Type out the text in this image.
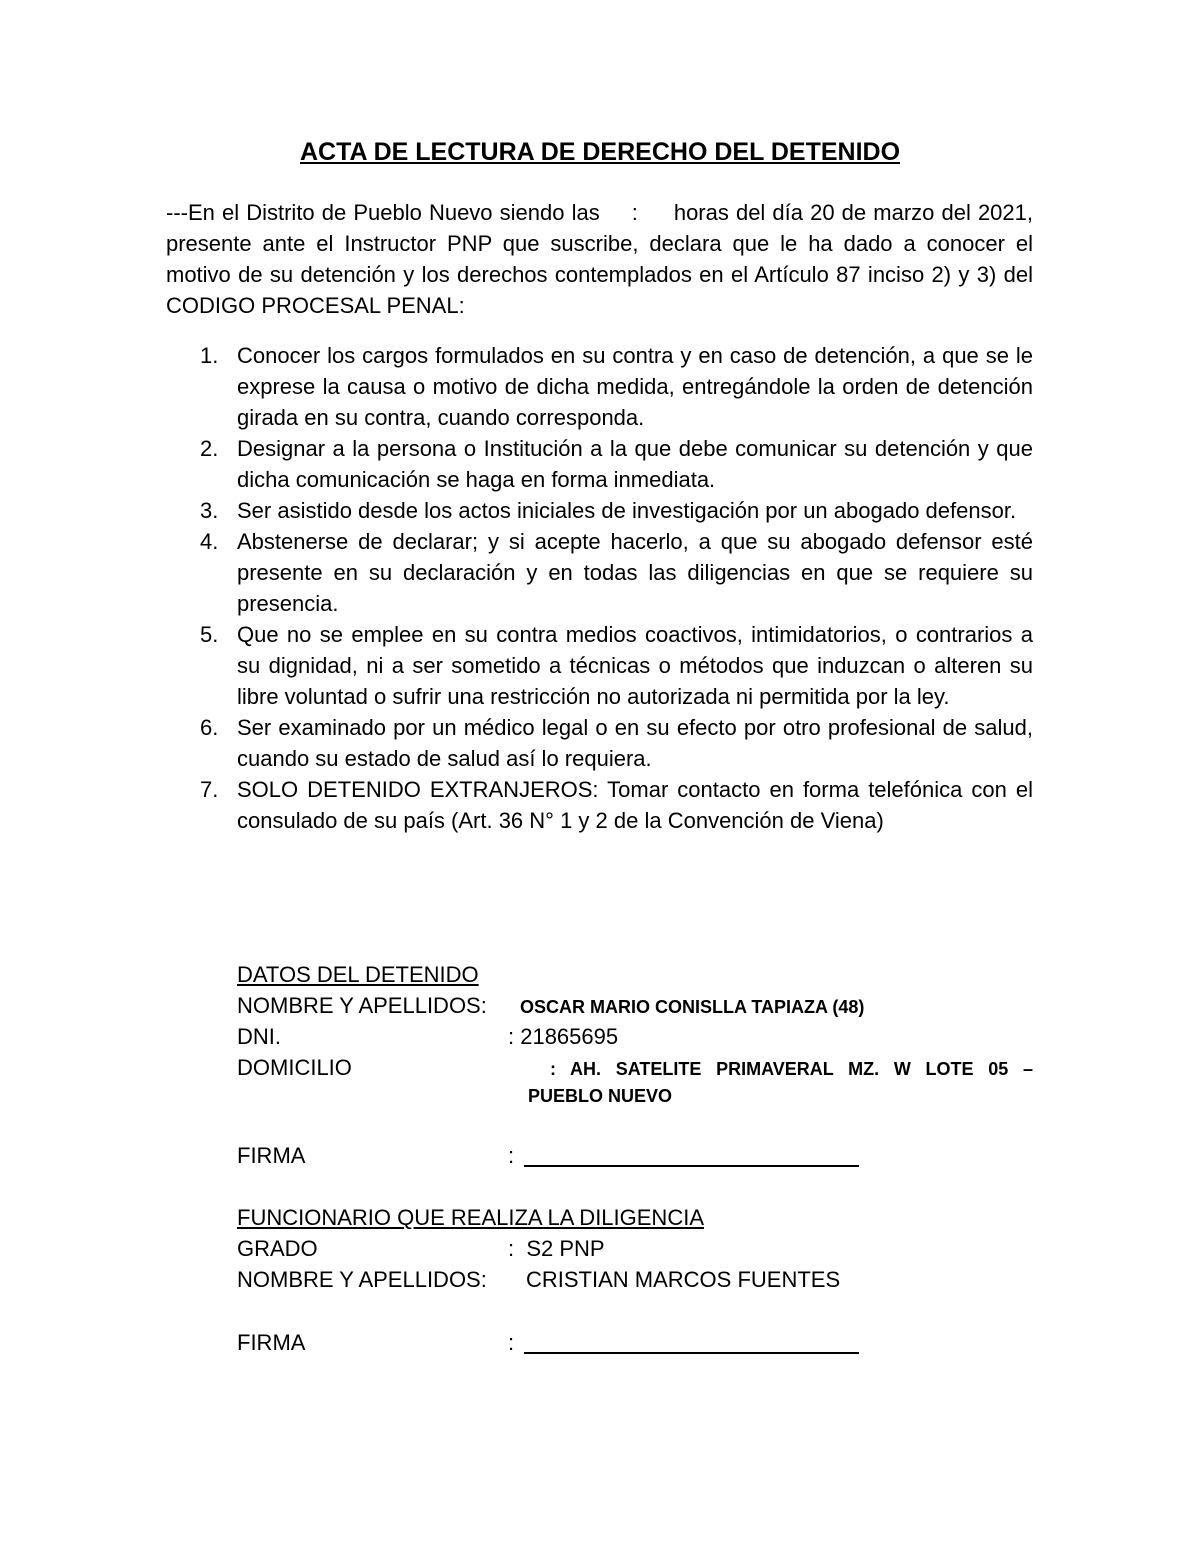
ACTA DE LECTURA DE DERECHO DEL DETENIDO
---En el Distrito de Pueblo Nuevo siendo las : horas del día 20 de marzo del 2021, presente ante el Instructor PNP que suscribe, declara que le ha dado a conocer el motivo de su detención y los derechos contemplados en el Artículo 87 inciso 2) y 3) del CODIGO PROCESAL PENAL:
1. Conocer los cargos formulados en su contra y en caso de detención, a que se le exprese la causa o motivo de dicha medida, entregándole la orden de detención girada en su contra, cuando corresponda.
2. Designar a la persona o Institución a la que debe comunicar su detención y que dicha comunicación se haga en forma inmediata.
3. Ser asistido desde los actos iniciales de investigación por un abogado defensor.
4. Abstenerse de declarar; y si acepte hacerlo, a que su abogado defensor esté presente en su declaración y en todas las diligencias en que se requiere su presencia.
5. Que no se emplee en su contra medios coactivos, intimidatorios, o contrarios a su dignidad, ni a ser sometido a técnicas o métodos que induzcan o alteren su libre voluntad o sufrir una restricción no autorizada ni permitida por la ley.
6. Ser examinado por un médico legal o en su efecto por otro profesional de salud, cuando su estado de salud así lo requiera.
7. SOLO DETENIDO EXTRANJEROS: Tomar contacto en forma telefónica con el consulado de su país (Art. 36 N° 1 y 2 de la Convención de Viena)
DATOS DEL DETENIDO
NOMBRE Y APELLIDOS: OSCAR MARIO CONISLLA TAPIAZA (48)
DNI.	: 21865695
DOMICILIO	: AH. SATELITE PRIMAVERAL MZ. W LOTE 05 –
PUEBLO NUEVO
FIRMA	:
FUNCIONARIO QUE REALIZA LA DILIGENCIA
GRADO	:  S2 PNP
NOMBRE Y APELLIDOS: CRISTIAN MARCOS FUENTES
FIRMA	:
